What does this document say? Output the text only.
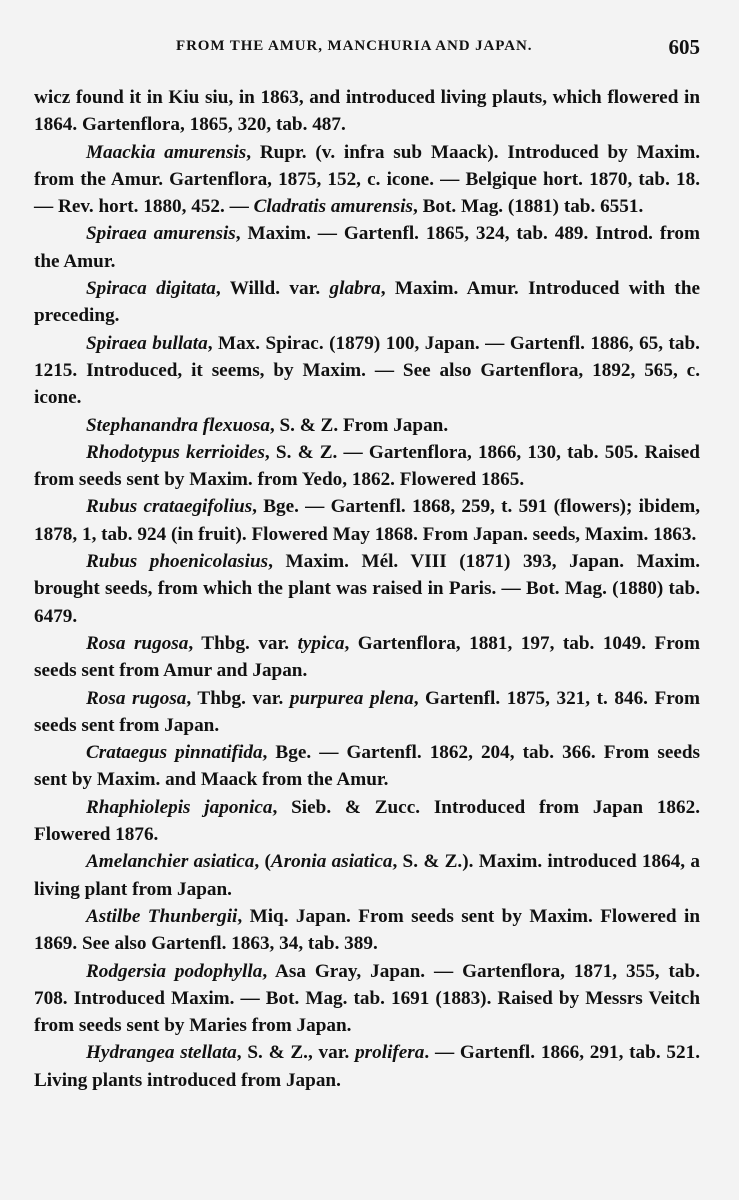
FROM THE AMUR, MANCHURIA AND JAPAN.	605

wicz found it in Kiu siu, in 1863, and introduced living plauts, which flowered in 1864. Gartenflora, 1865, 320, tab. 487.

Maackia amurensis, Rupr. (v. infra sub Maack). Introduced by Maxim. from the Amur. Gartenflora, 1875, 152, c. icone. — Belgique hort. 1870, tab. 18. — Rev. hort. 1880, 452. — Cladratis amurensis, Bot. Mag. (1881) tab. 6551.

Spiraea amurensis, Maxim. — Gartenfl. 1865, 324, tab. 489. Introd. from the Amur.

Spiraca digitata, Willd. var. glabra, Maxim. Amur. Introduced with the preceding.

Spiraea bullata, Max. Spirac. (1879) 100, Japan. — Gartenfl. 1886, 65, tab. 1215. Introduced, it seems, by Maxim. — See also Gartenflora, 1892, 565, c. icone.

Stephanandra flexuosa, S. & Z. From Japan.

Rhodotypus kerrioides, S. & Z. — Gartenflora, 1866, 130, tab. 505. Raised from seeds sent by Maxim. from Yedo, 1862. Flowered 1865.

Rubus crataegifolius, Bge. — Gartenfl. 1868, 259, t. 591 (flowers); ibidem, 1878, 1, tab. 924 (in fruit). Flowered May 1868. From Japan. seeds, Maxim. 1863.

Rubus phoenicolasius, Maxim. Mél. VIII (1871) 393, Japan. Maxim. brought seeds, from which the plant was raised in Paris. — Bot. Mag. (1880) tab. 6479.

Rosa rugosa, Thbg. var. typica, Gartenflora, 1881, 197, tab. 1049. From seeds sent from Amur and Japan.

Rosa rugosa, Thbg. var. purpurea plena, Gartenfl. 1875, 321, t. 846. From seeds sent from Japan.

Crataegus pinnatifida, Bge. — Gartenfl. 1862, 204, tab. 366. From seeds sent by Maxim. and Maack from the Amur.

Rhaphiolepis japonica, Sieb. & Zucc. Introduced from Japan 1862. Flowered 1876.

Amelanchier asiatica, (Aronia asiatica, S. & Z.). Maxim. introduced 1864, a living plant from Japan.

Astilbe Thunbergii, Miq. Japan. From seeds sent by Maxim. Flowered in 1869. See also Gartenfl. 1863, 34, tab. 389.

Rodgersia podophylla, Asa Gray, Japan. — Gartenflora, 1871, 355, tab. 708. Introduced Maxim. — Bot. Mag. tab. 1691 (1883). Raised by Messrs Veitch from seeds sent by Maries from Japan.

Hydrangea stellata, S. & Z., var. prolifera. — Gartenfl. 1866, 291, tab. 521. Living plants introduced from Japan.
